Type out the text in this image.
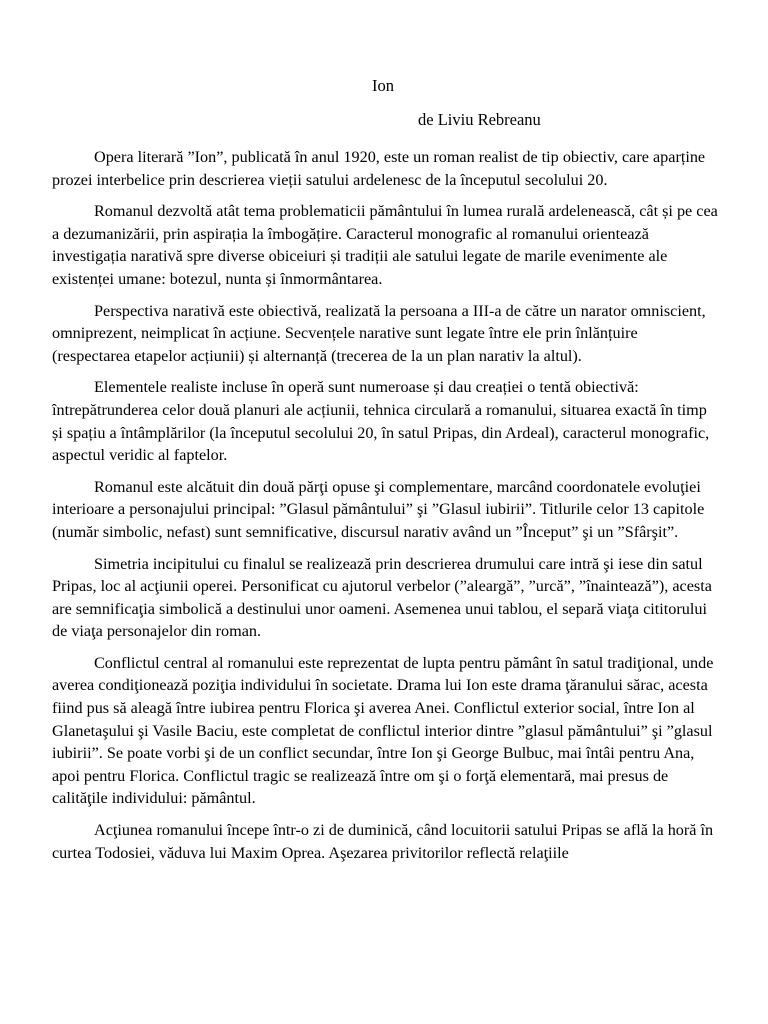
Ion

de Liviu Rebreanu

Opera literară ”Ion”, publicată în anul 1920, este un roman realist de tip obiectiv, care aparține prozei interbelice prin descrierea vieții satului ardelenesc de la începutul secolului 20.

Romanul dezvoltă atât tema problematicii pământului în lumea rurală ardelenească, cât și pe cea a dezumanizării, prin aspirația la îmbogățire. Caracterul monografic al romanului orientează investigația narativă spre diverse obiceiuri și tradiții ale satului legate de marile evenimente ale existenței umane: botezul, nunta și înmormântarea.

Perspectiva narativă este obiectivă, realizată la persoana a III-a de către un narator omniscient, omniprezent, neimplicat în acțiune. Secvențele narative sunt legate între ele prin înlănțuire (respectarea etapelor acțiunii) și alternanță (trecerea de la un plan narativ la altul).

Elementele realiste incluse în operă sunt numeroase și dau creației o tentă obiectivă: întrepătrunderea celor două planuri ale acțiunii, tehnica circulară a romanului, situarea exactă în timp și spațiu a întâmplărilor (la începutul secolului 20, în satul Pripas, din Ardeal), caracterul monografic, aspectul veridic al faptelor.

Romanul este alcătuit din două părţi opuse şi complementare, marcând coordonatele evoluţiei interioare a personajului principal: ”Glasul pământului” şi ”Glasul iubirii”. Titlurile celor 13 capitole (număr simbolic, nefast) sunt semnificative, discursul narativ având un ”Început” şi un ”Sfârşit”.

Simetria incipitului cu finalul se realizează prin descrierea drumului care intră şi iese din satul Pripas, loc al acţiunii operei. Personificat cu ajutorul verbelor (”aleargă”, ”urcă”, ”înaintează”), acesta are semnificaţia simbolică a destinului unor oameni. Asemenea unui tablou, el separă viaţa cititorului de viaţa personajelor din roman.

Conflictul central al romanului este reprezentat de lupta pentru pământ în satul tradiţional, unde averea condiţionează poziţia individului în societate. Drama lui Ion este drama ţăranului sărac, acesta fiind pus să aleagă între iubirea pentru Florica şi averea Anei. Conflictul exterior social, între Ion al Glanetaşului şi Vasile Baciu, este completat de conflictul interior dintre ”glasul pământului” şi ”glasul iubirii”. Se poate vorbi şi de un conflict secundar, între Ion şi George Bulbuc, mai întâi pentru Ana, apoi pentru Florica. Conflictul tragic se realizează între om şi o forţă elementară, mai presus de calităţile individului: pământul.

Acţiunea romanului începe într-o zi de duminică, când locuitorii satului Pripas se află la horă în curtea Todosiei, văduva lui Maxim Oprea. Aşezarea privitorilor reflectă relaţiile
